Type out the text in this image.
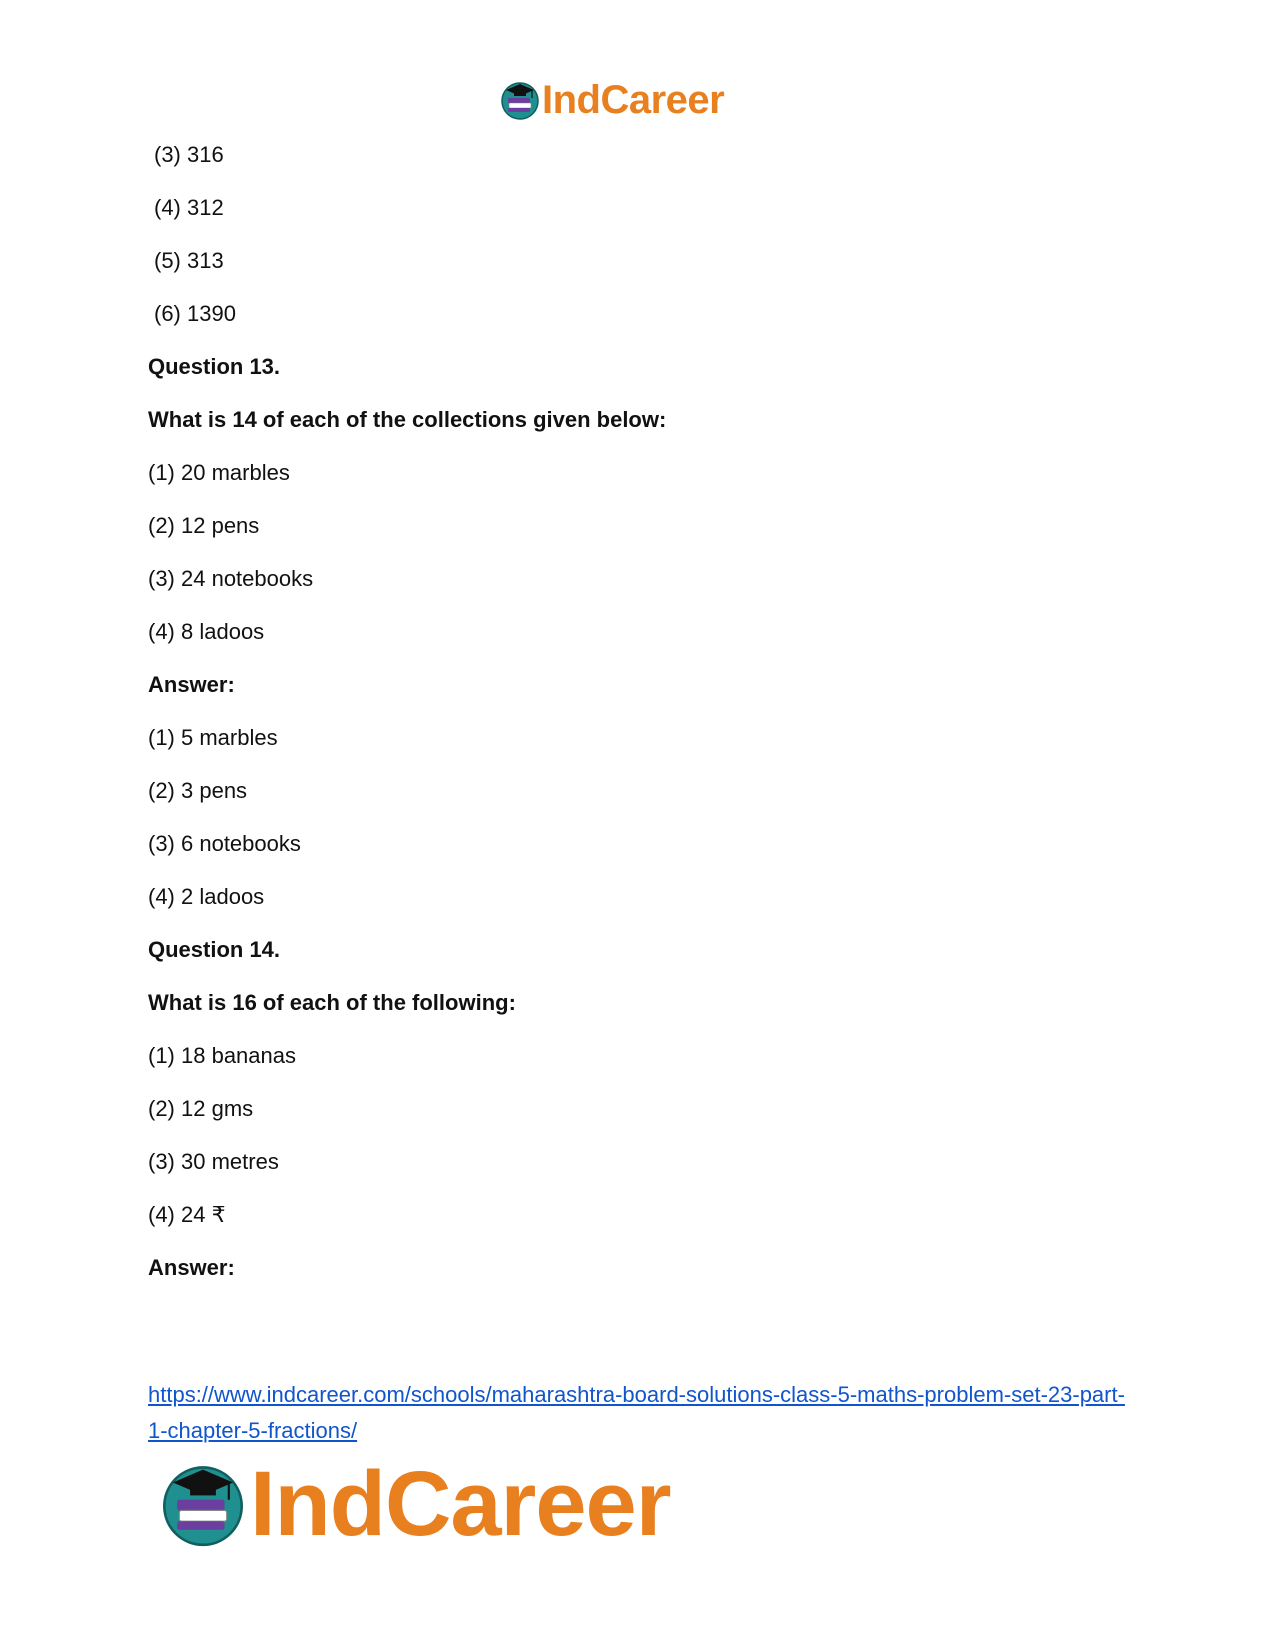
IndCareer
(3) 316
(4) 312
(5) 313
(6) 1390
Question 13.
What is 14 of each of the collections given below:
(1) 20 marbles
(2) 12 pens
(3) 24 notebooks
(4) 8 ladoos
Answer:
(1) 5 marbles
(2) 3 pens
(3) 6 notebooks
(4) 2 ladoos
Question 14.
What is 16 of each of the following:
(1) 18 bananas
(2) 12 gms
(3) 30 metres
(4) 24 ₹
Answer:
https://www.indcareer.com/schools/maharashtra-board-solutions-class-5-maths-problem-set-23-part-1-chapter-5-fractions/
IndCareer
